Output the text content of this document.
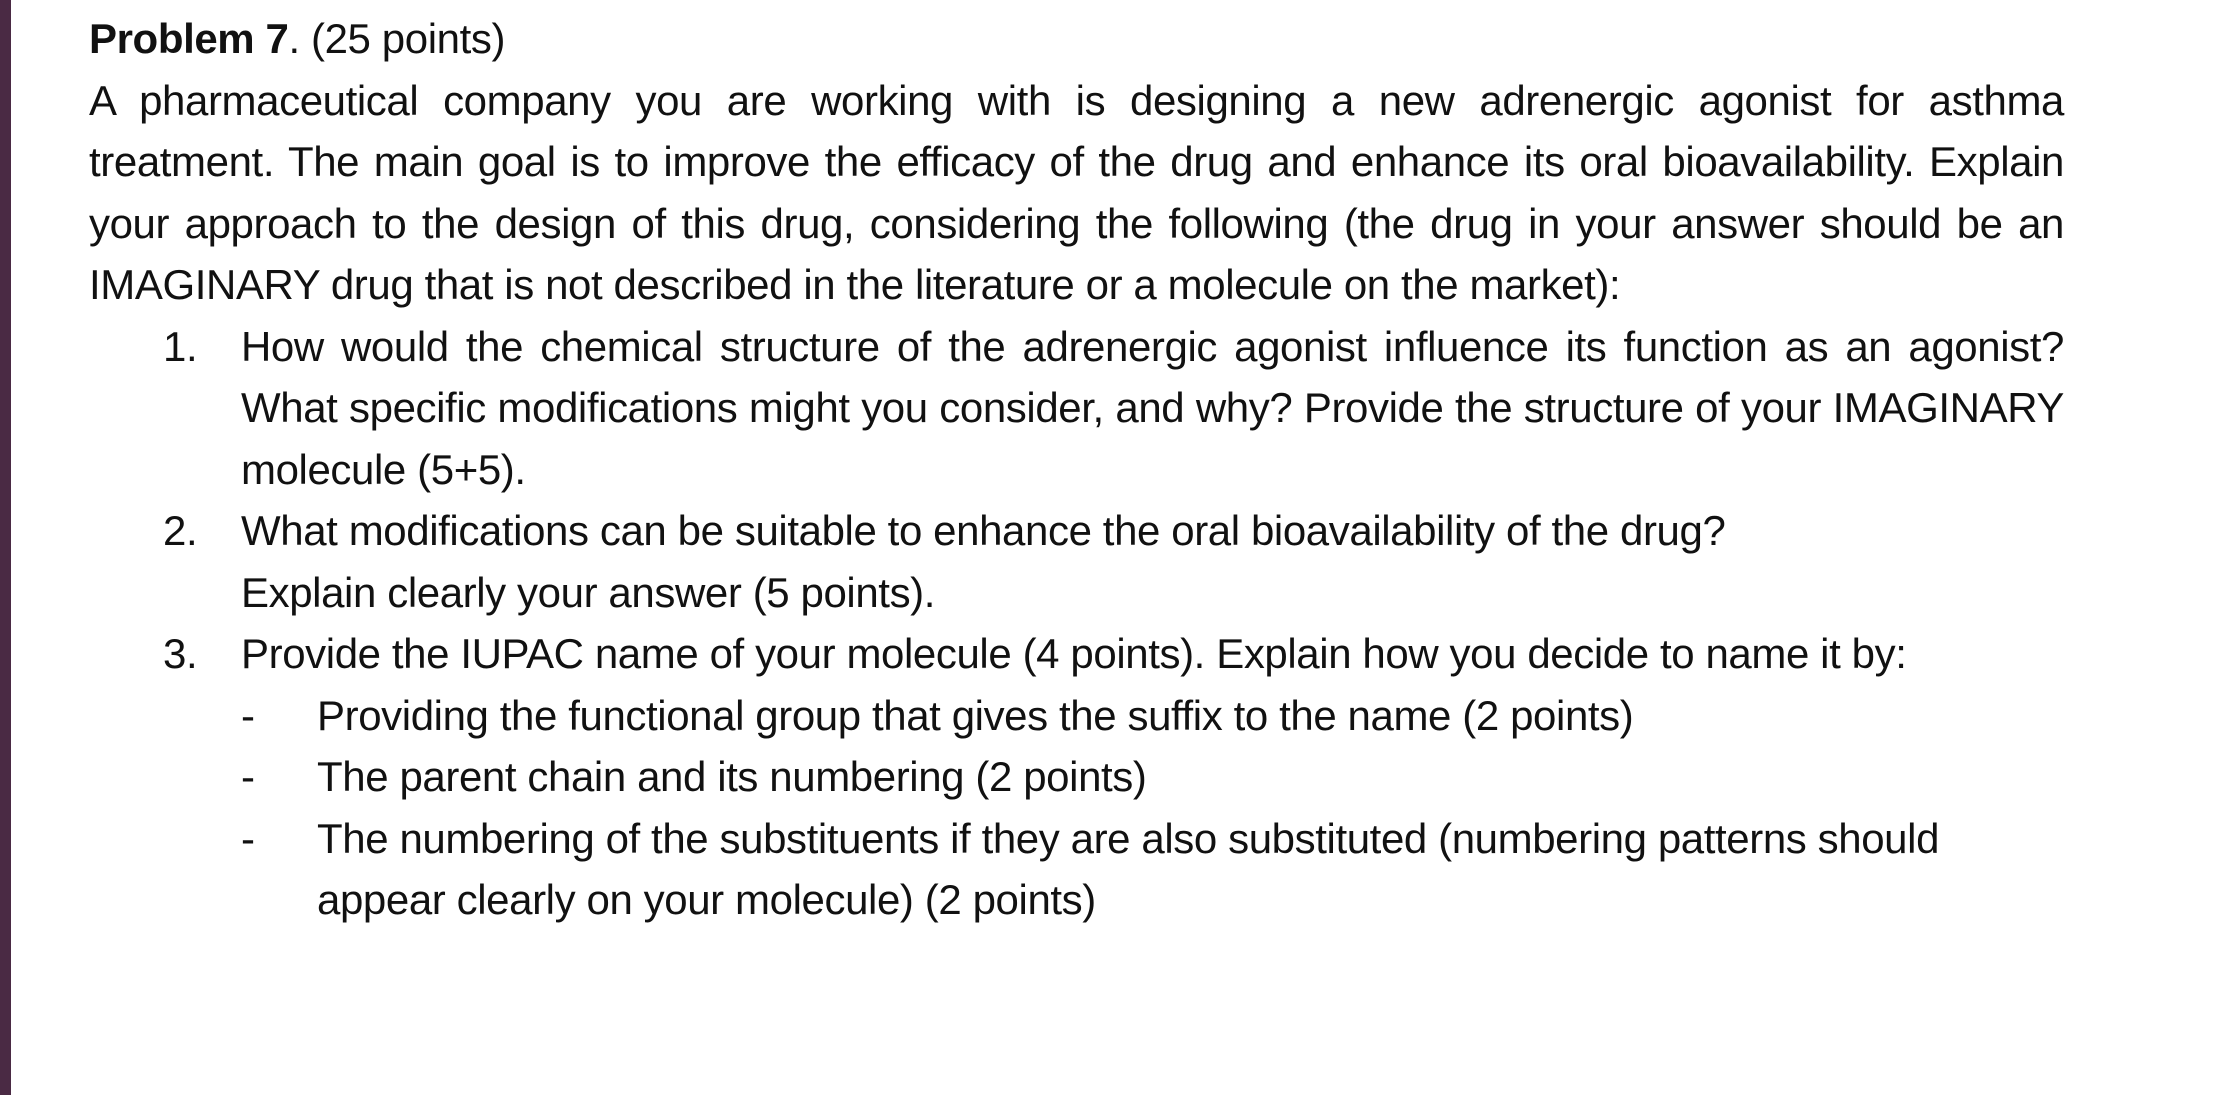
Problem 7. (25 points)
A pharmaceutical company you are working with is designing a new adrenergic agonist for asthma treatment. The main goal is to improve the efficacy of the drug and enhance its oral bioavailability. Explain your approach to the design of this drug, considering the following (the drug in your answer should be an IMAGINARY drug that is not described in the literature or a molecule on the market):
1. How would the chemical structure of the adrenergic agonist influence its function as an agonist? What specific modifications might you consider, and why? Provide the structure of your IMAGINARY molecule (5+5).
2. What modifications can be suitable to enhance the oral bioavailability of the drug?
Explain clearly your answer (5 points).
3. Provide the IUPAC name of your molecule (4 points). Explain how you decide to name it by:
- Providing the functional group that gives the suffix to the name (2 points)
- The parent chain and its numbering (2 points)
- The numbering of the substituents if they are also substituted (numbering patterns should appear clearly on your molecule) (2 points)
